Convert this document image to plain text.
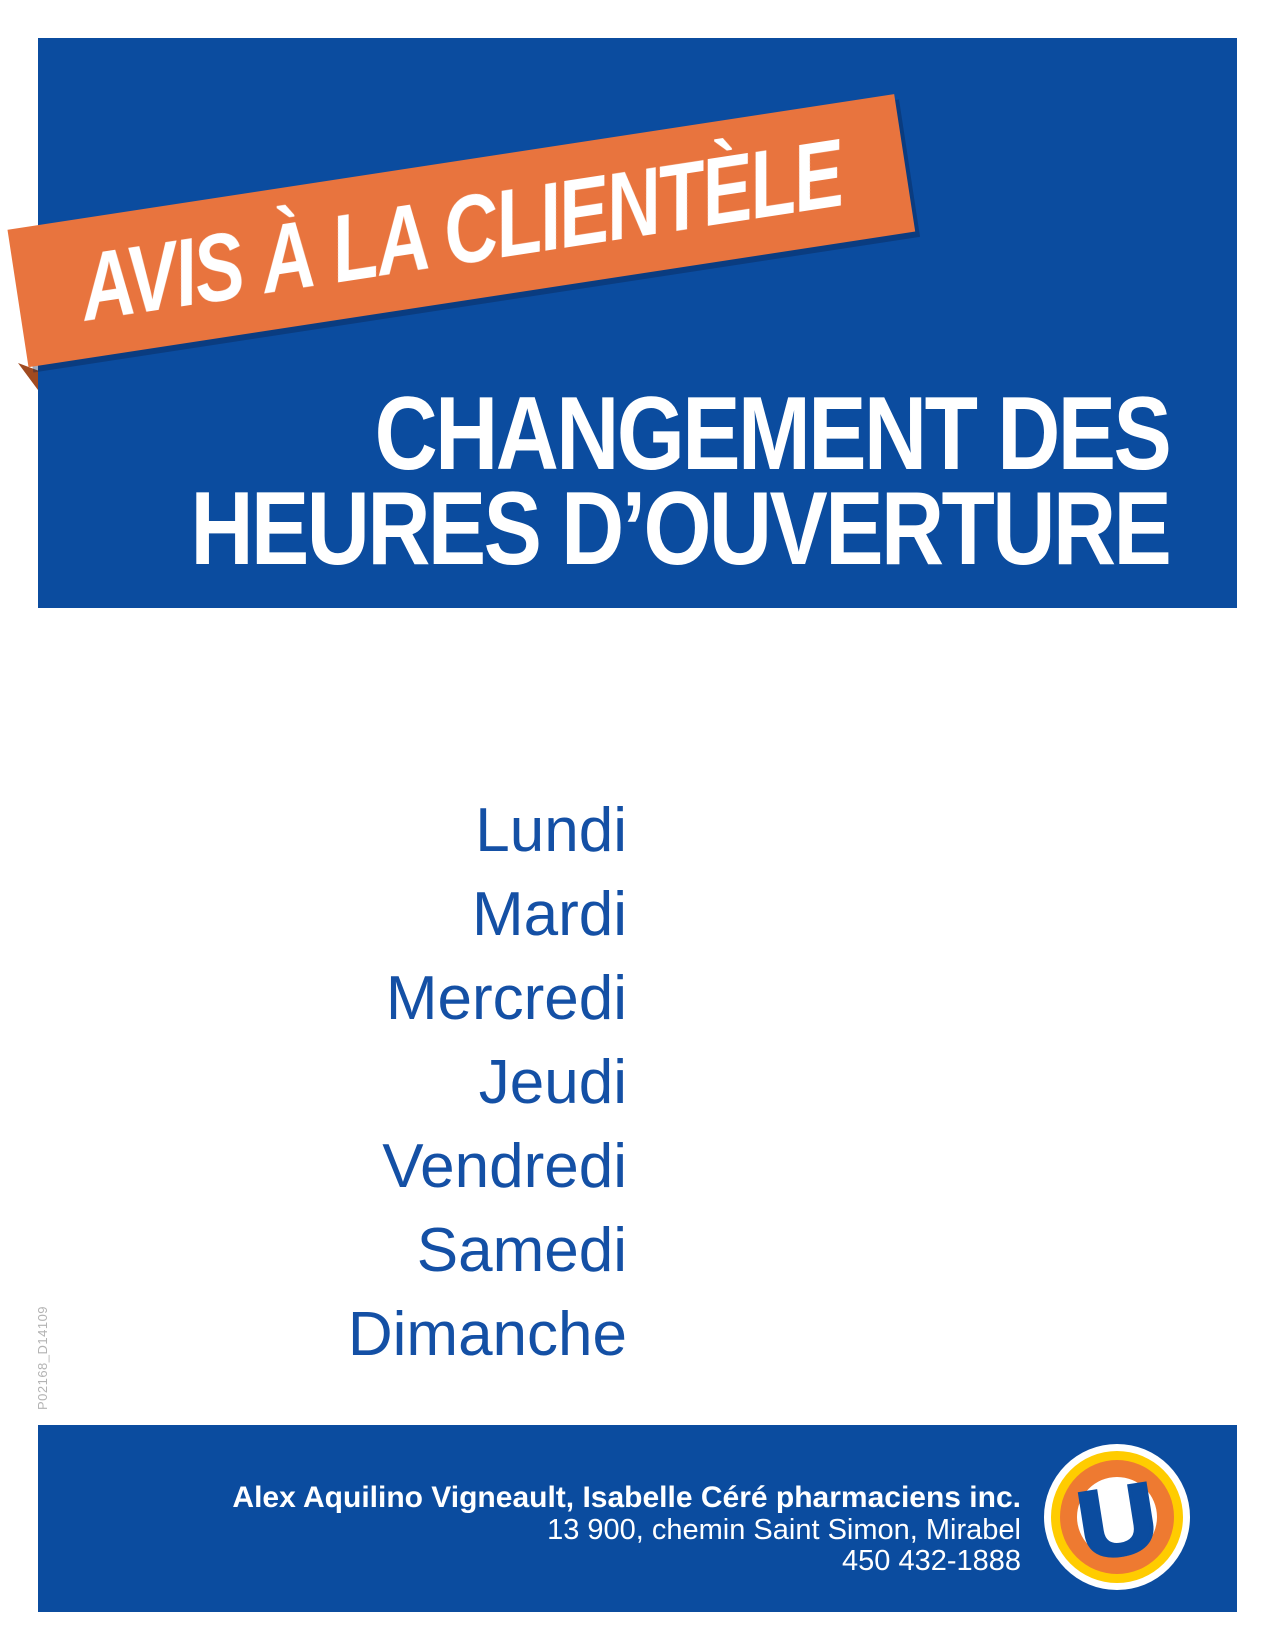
AVIS À LA CLIENTÈLE
CHANGEMENT DES
HEURES D’OUVERTURE
Lundi
Mardi
Mercredi
Jeudi
Vendredi
Samedi
Dimanche
P02168_D14109
Alex Aquilino Vigneault, Isabelle Céré pharmaciens inc.
13 900, chemin Saint Simon, Mirabel
450 432-1888 U
